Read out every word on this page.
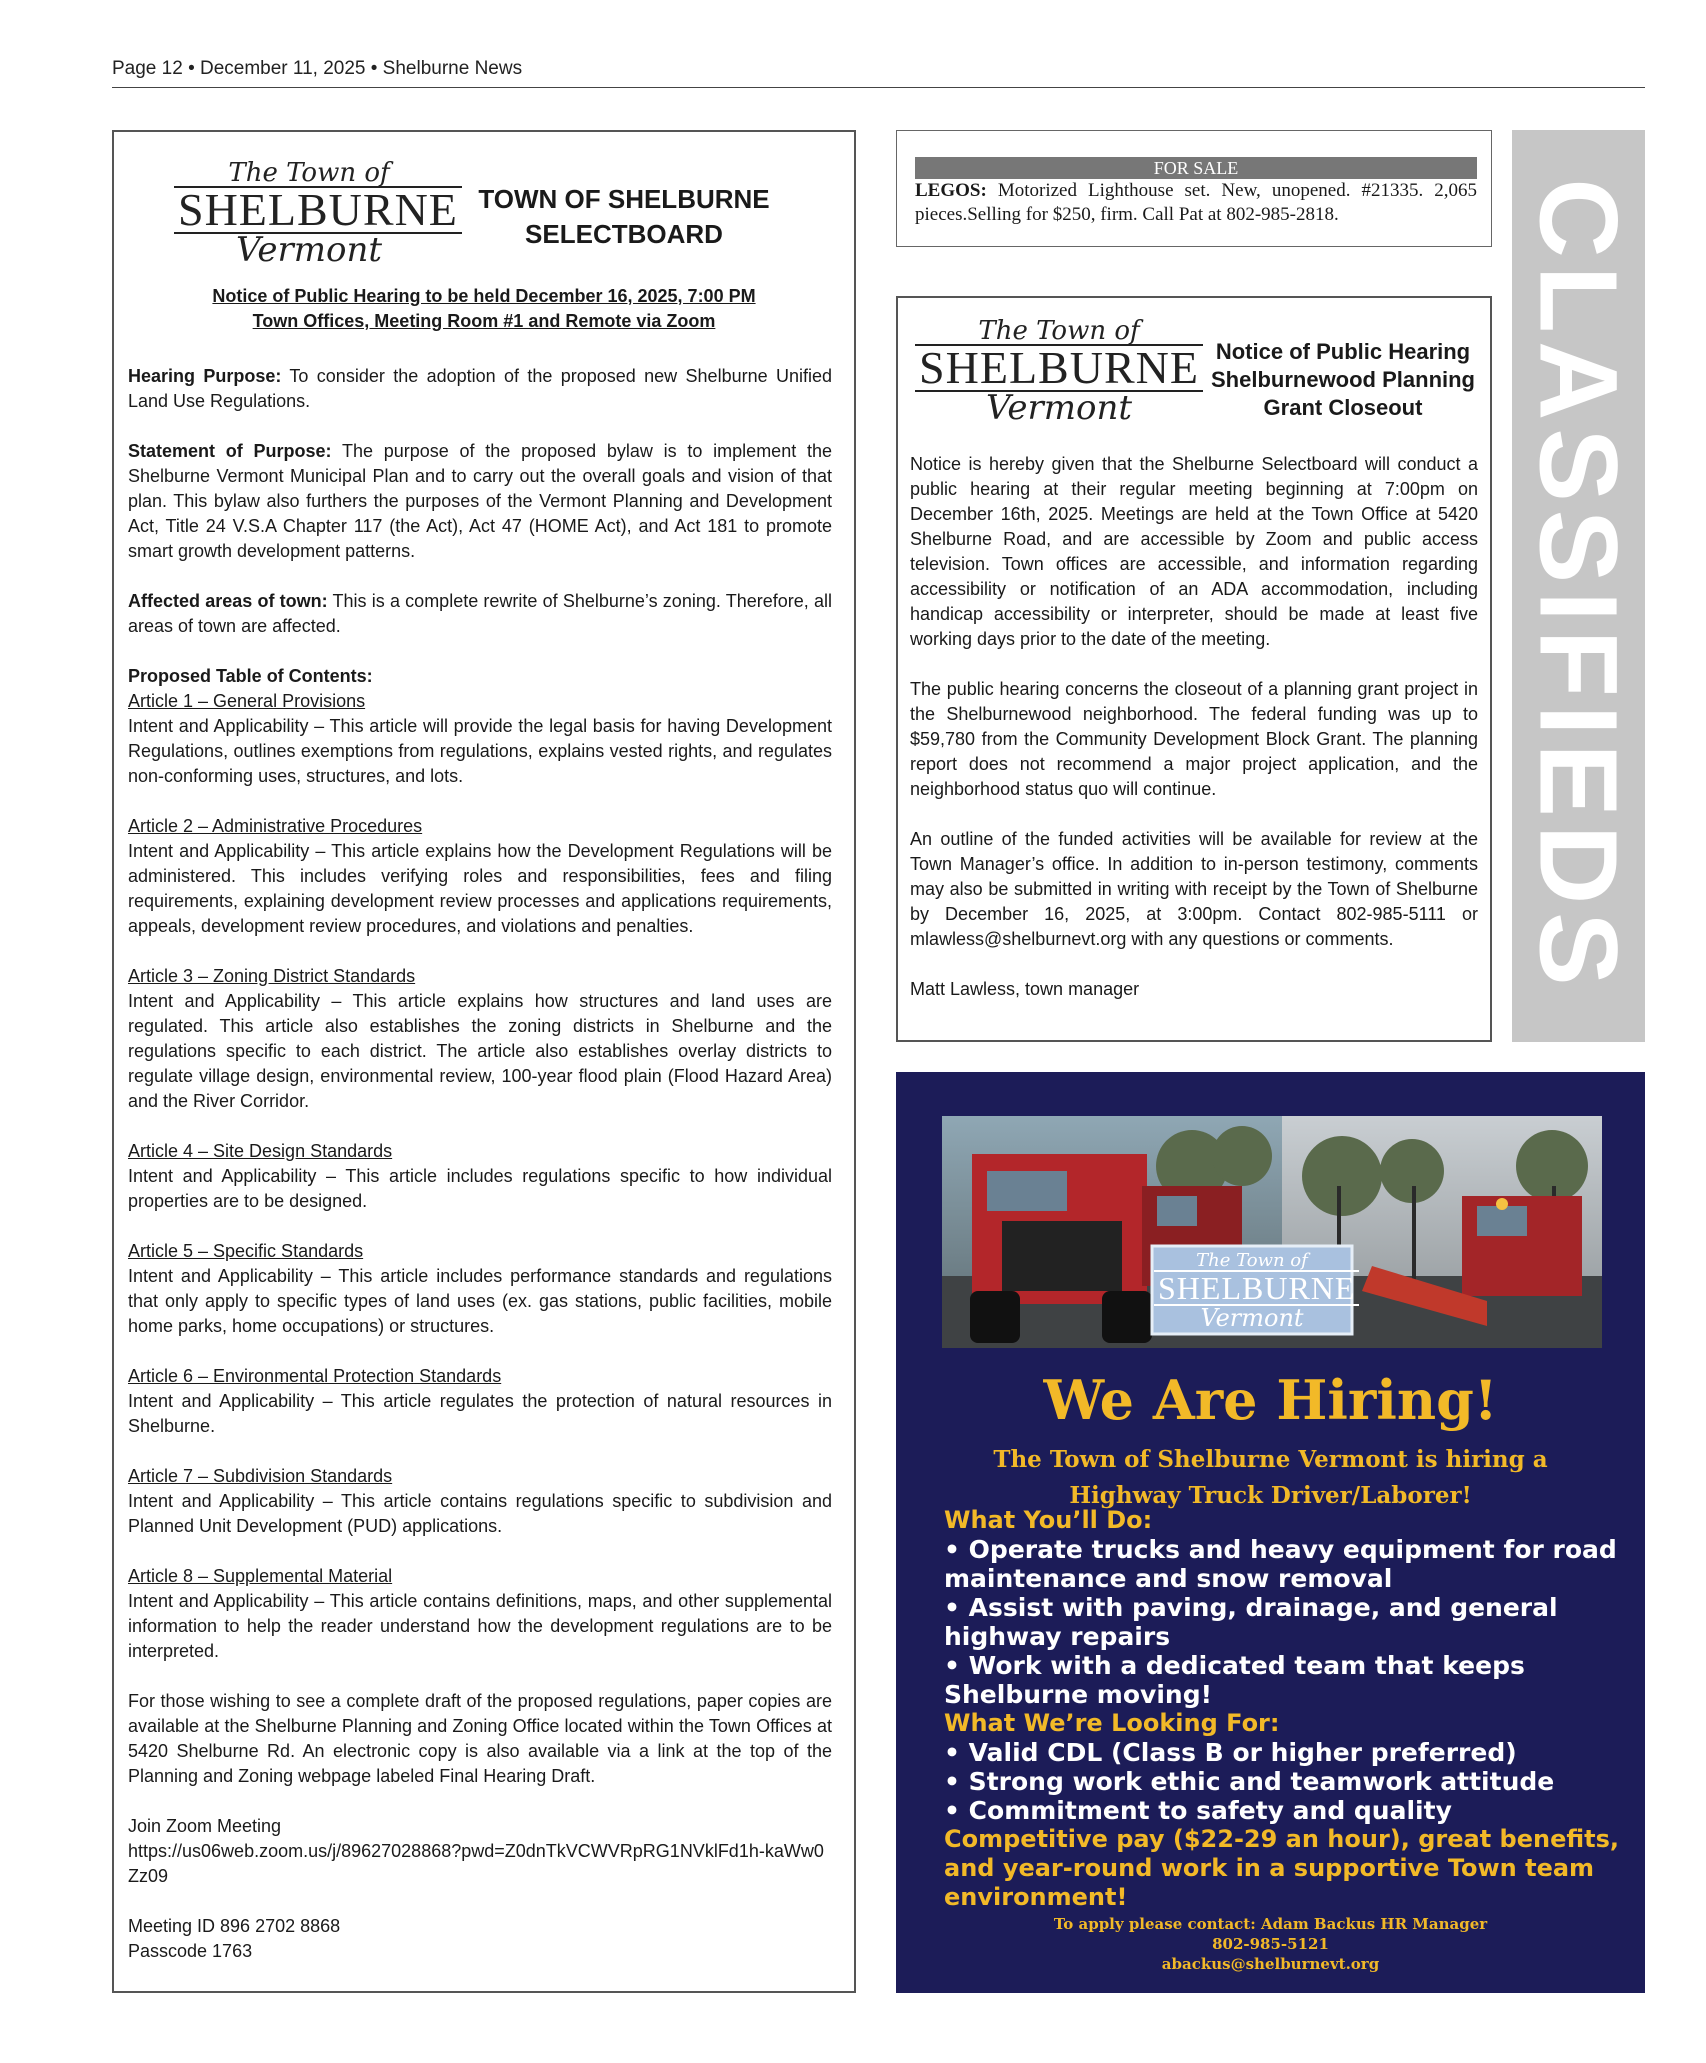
Page 12 • December 11, 2025 • Shelburne News
The Town of
SHELBURNE
Vermont
TOWN OF SHELBURNE
SELECTBOARD
Notice of Public Hearing to be held December 16, 2025, 7:00 PM
Town Offices, Meeting Room #1 and Remote via Zoom

Hearing Purpose: To consider the adoption of the proposed new Shelburne Unified Land Use Regulations.

Statement of Purpose: The purpose of the proposed bylaw is to implement the Shelburne Vermont Municipal Plan and to carry out the overall goals and vision of that plan. This bylaw also furthers the purposes of the Vermont Planning and Development Act, Title 24 V.S.A Chapter 117 (the Act), Act 47 (HOME Act), and Act 181 to promote smart growth development patterns.

Affected areas of town: This is a complete rewrite of Shelburne’s zoning. Therefore, all areas of town are affected.

Proposed Table of Contents:

Article 1 – General Provisions
Intent and Applicability – This article will provide the legal basis for having Development Regulations, outlines exemptions from regulations, explains vested rights, and regulates non-conforming uses, structures, and lots.

Article 2 – Administrative Procedures
Intent and Applicability – This article explains how the Development Regulations will be administered. This includes verifying roles and responsibilities, fees and filing requirements, explaining development review processes and applications requirements, appeals, development review procedures, and violations and penalties.

Article 3 – Zoning District Standards
Intent and Applicability – This article explains how structures and land uses are regulated. This article also establishes the zoning districts in Shelburne and the regulations specific to each district. The article also establishes overlay districts to regulate village design, environmental review, 100-year flood plain (Flood Hazard Area) and the River Corridor.

Article 4 – Site Design Standards
Intent and Applicability – This article includes regulations specific to how individual properties are to be designed.

Article 5 – Specific Standards
Intent and Applicability – This article includes performance standards and regulations that only apply to specific types of land uses (ex. gas stations, public facilities, mobile home parks, home occupations) or structures.

Article 6 – Environmental Protection Standards
Intent and Applicability – This article regulates the protection of natural resources in Shelburne.

Article 7 – Subdivision Standards
Intent and Applicability – This article contains regulations specific to subdivision and Planned Unit Development (PUD) applications.

Article 8 – Supplemental Material
Intent and Applicability – This article contains definitions, maps, and other supplemental information to help the reader understand how the development regulations are to be interpreted.

For those wishing to see a complete draft of the proposed regulations, paper copies are available at the Shelburne Planning and Zoning Office located within the Town Offices at 5420 Shelburne Rd. An electronic copy is also available via a link at the top of the Planning and Zoning webpage labeled Final Hearing Draft.

Join Zoom Meeting
https://us06web.zoom.us/j/89627028868?pwd=Z0dnTkVCWVRpRG1NVklFd1h-kaWw0Zz09

Meeting ID 896 2702 8868
Passcode 1763

FOR SALE
LEGOS: Motorized Lighthouse set. New, unopened. #21335. 2,065 pieces.Selling for $250, firm. Call Pat at 802-985-2818.	CLASSIFIEDS
The Town of
SHELBURNE
Vermont
Notice of Public Hearing Shelburnewood Planning Grant Closeout

Notice is hereby given that the Shelburne Selectboard will conduct a public hearing at their regular meeting beginning at 7:00pm on December 16th, 2025. Meetings are held at the Town Office at 5420 Shelburne Road, and are accessible by Zoom and public access television. Town offices are accessible, and information regarding accessibility or notification of an ADA accommodation, including handicap accessibility or interpreter, should be made at least five working days prior to the date of the meeting.

The public hearing concerns the closeout of a planning grant project in the Shelburnewood neighborhood. The federal funding was up to $59,780 from the Community Development Block Grant. The planning report does not recommend a major project application, and the neighborhood status quo will continue.

An outline of the funded activities will be available for review at the Town Manager’s office. In addition to in-person testimony, comments may also be submitted in writing with receipt by the Town of Shelburne by December 16, 2025, at 3:00pm. Contact 802-985-5111 or mlawless@shelburnevt.org with any questions or comments.

Matt Lawless, town manager

The Town of
SHELBURNE
Vermont
We Are Hiring!
The Town of Shelburne Vermont is hiring a
Highway Truck Driver/Laborer!
What You’ll Do:
• Operate trucks and heavy equipment for road maintenance and snow removal
• Assist with paving, drainage, and general highway repairs
• Work with a dedicated team that keeps Shelburne moving!
What We’re Looking For:
• Valid CDL (Class B or higher preferred)
• Strong work ethic and teamwork attitude
• Commitment to safety and quality
Competitive pay ($22-29 an hour), great benefits, and year-round work in a supportive Town team environment!
To apply please contact: Adam Backus HR Manager
802-985-5121
abackus@shelburnevt.org
